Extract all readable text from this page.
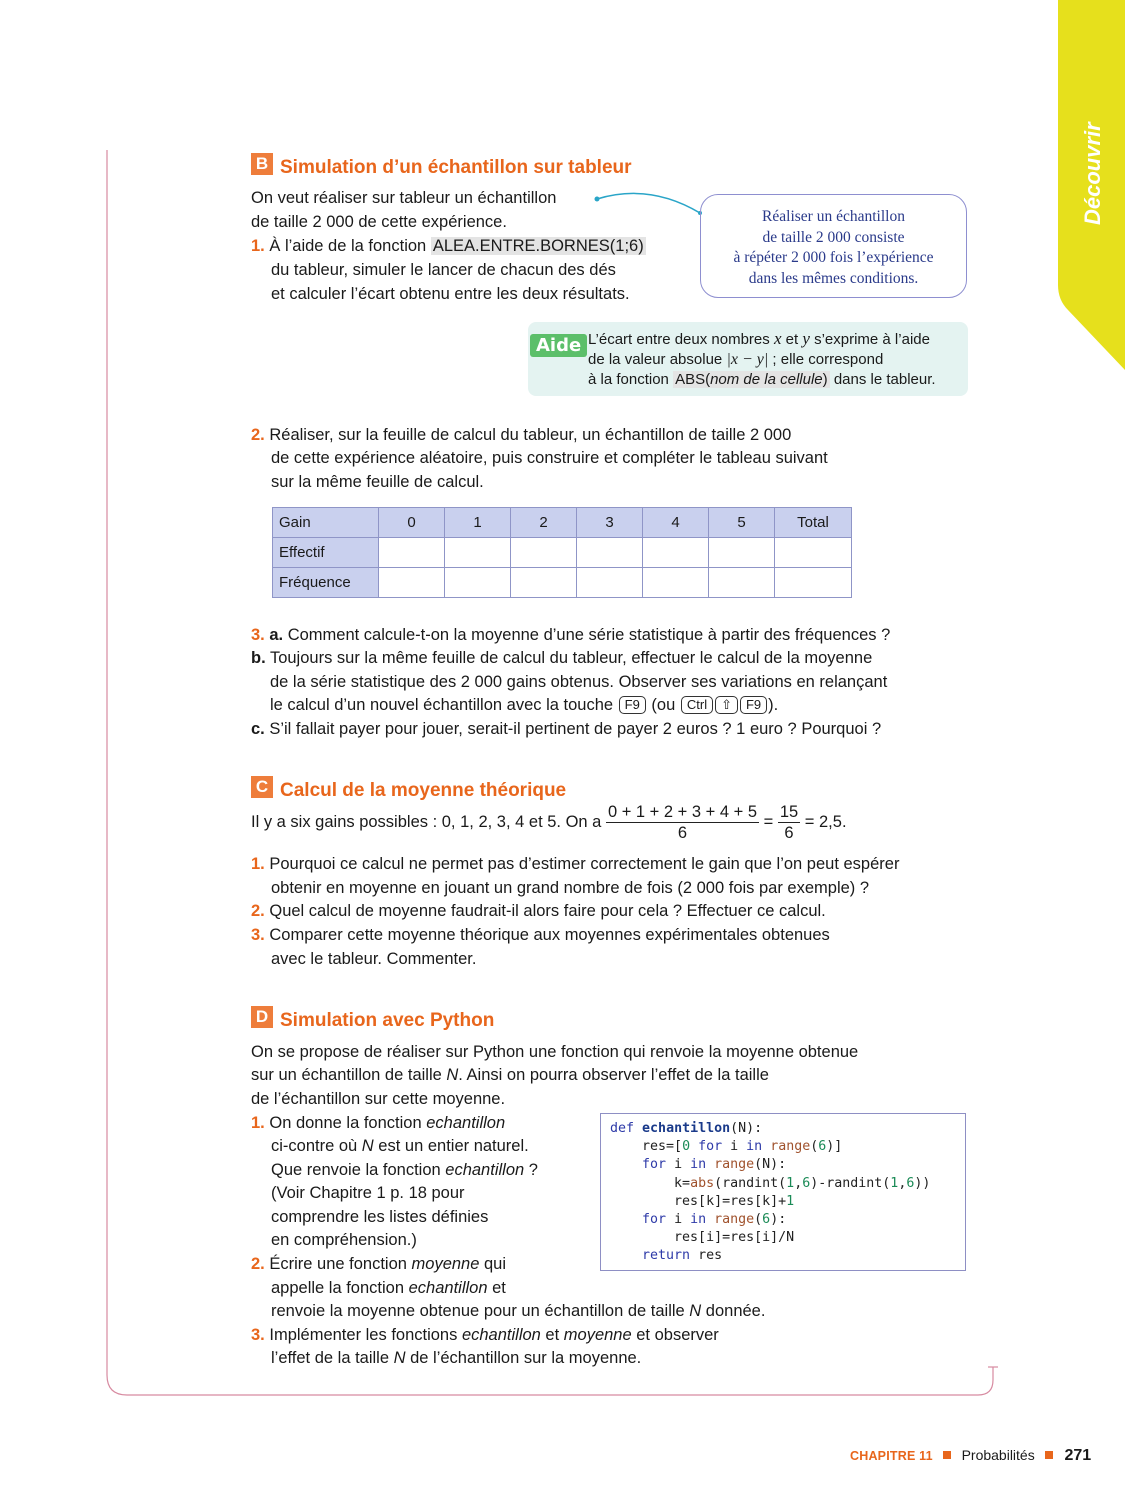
Découvrir
B Simulation d’un échantillon sur tableur
On veut réaliser sur tableur un échantillon
de taille 2 000 de cette expérience.	Réaliser un échantillon
de taille 2 000 consiste
à répéter 2 000 fois l’expérience
dans les mêmes conditions.
1. À l’aide de la fonction ALEA.ENTRE.BORNES(1;6)
du tableur, simuler le lancer de chacun des dés
et calculer l’écart obtenu entre les deux résultats.
Aide L’écart entre deux nombres x et y s’exprime à l’aide
de la valeur absolue |x − y| ; elle correspond
à la fonction ABS(nom de la cellule) dans le tableur.
2. Réaliser, sur la feuille de calcul du tableur, un échantillon de taille 2 000
de cette expérience aléatoire, puis construire et compléter le tableau suivant
sur la même feuille de calcul.
Gain	0	1	2	3	4	5	Total
Effectif							
Fréquence							
3. a. Comment calcule-t-on la moyenne d’une série statistique à partir des fréquences ?
b. Toujours sur la même feuille de calcul du tableur, effectuer le calcul de la moyenne
de la série statistique des 2 000 gains obtenus. Observer ses variations en relançant
le calcul d’un nouvel échantillon avec la touche F9 (ou Ctrl ⇧ F9 ).
c. S’il fallait payer pour jouer, serait-il pertinent de payer 2 euros ? 1 euro ? Pourquoi ?
C Calcul de la moyenne théorique
Il y a six gains possibles : 0, 1, 2, 3, 4 et 5. On a $\frac{0 + 1 + 2 + 3 + 4 + 5}{6} = \frac{15}{6} = 2,5$.
1. Pourquoi ce calcul ne permet pas d’estimer correctement le gain que l’on peut espérer
obtenir en moyenne en jouant un grand nombre de fois (2 000 fois par exemple) ?
2. Quel calcul de moyenne faudrait-il alors faire pour cela ? Effectuer ce calcul.
3. Comparer cette moyenne théorique aux moyennes expérimentales obtenues
avec le tableur. Commenter.
D Simulation avec Python
On se propose de réaliser sur Python une fonction qui renvoie la moyenne obtenue
sur un échantillon de taille N. Ainsi on pourra observer l’effet de la taille
de l’échantillon sur cette moyenne.
1. On donne la fonction echantillon
ci-contre où N est un entier naturel.
Que renvoie la fonction echantillon ?
(Voir Chapitre 1 p. 18 pour
comprendre les listes définies
en compréhension.)
2. Écrire une fonction moyenne qui
appelle la fonction echantillon et
renvoie la moyenne obtenue pour un échantillon de taille N donnée.
3. Implémenter les fonctions echantillon et moyenne et observer
l’effet de la taille N de l’échantillon sur la moyenne.
def echantillon(N):
res=[0 for i in range(6)]
for i in range(N):
k=abs(randint(1,6)-randint(1,6))
res[k]=res[k]+1
for i in range(6):
res[i]=res[i]/N
return res
CHAPITRE 11 Probabilités 271
